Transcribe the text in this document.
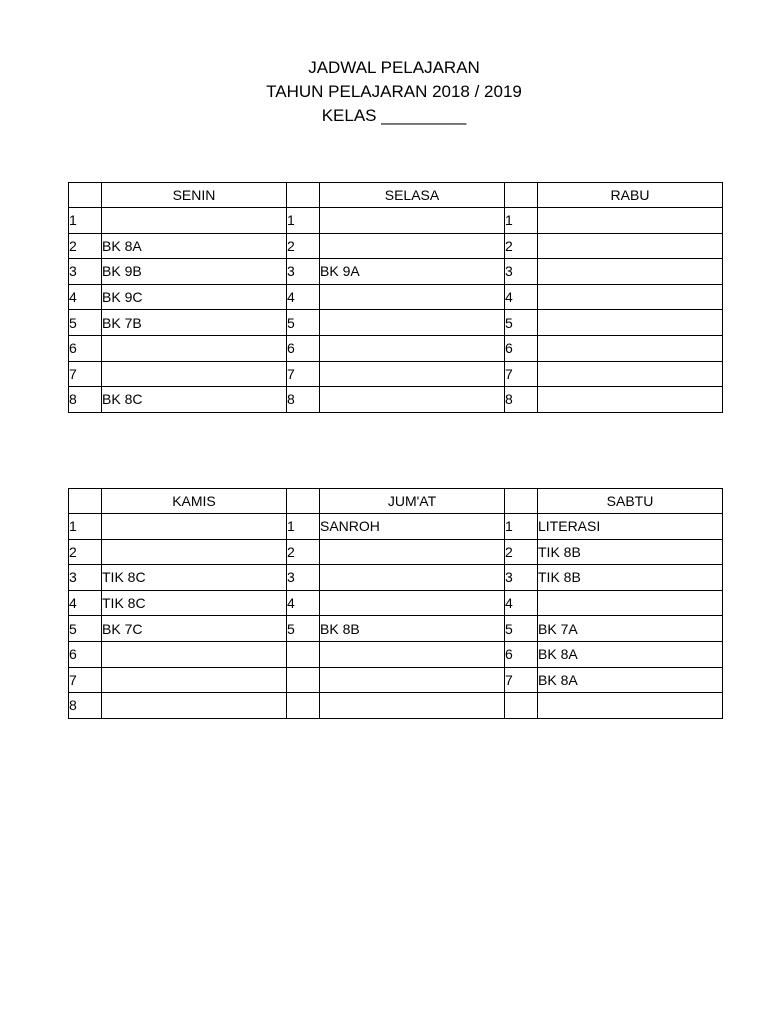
JADWAL PELAJARAN
TAHUN PELAJARAN 2018 / 2019
KELAS _________
	SENIN		SELASA		RABU
1		1		1	
2	BK 8A	2		2	
3	BK 9B	3	BK 9A	3	
4	BK 9C	4		4	
5	BK 7B	5		5	
6		6		6	
7		7		7	
8	BK 8C	8		8	
	KAMIS		JUM'AT		SABTU
1		1	SANROH	1	LITERASI
2		2		2	TIK 8B
3	TIK 8C	3		3	TIK 8B
4	TIK 8C	4		4	
5	BK 7C	5	BK 8B	5	BK 7A
6				6	BK 8A
7				7	BK 8A
8					
